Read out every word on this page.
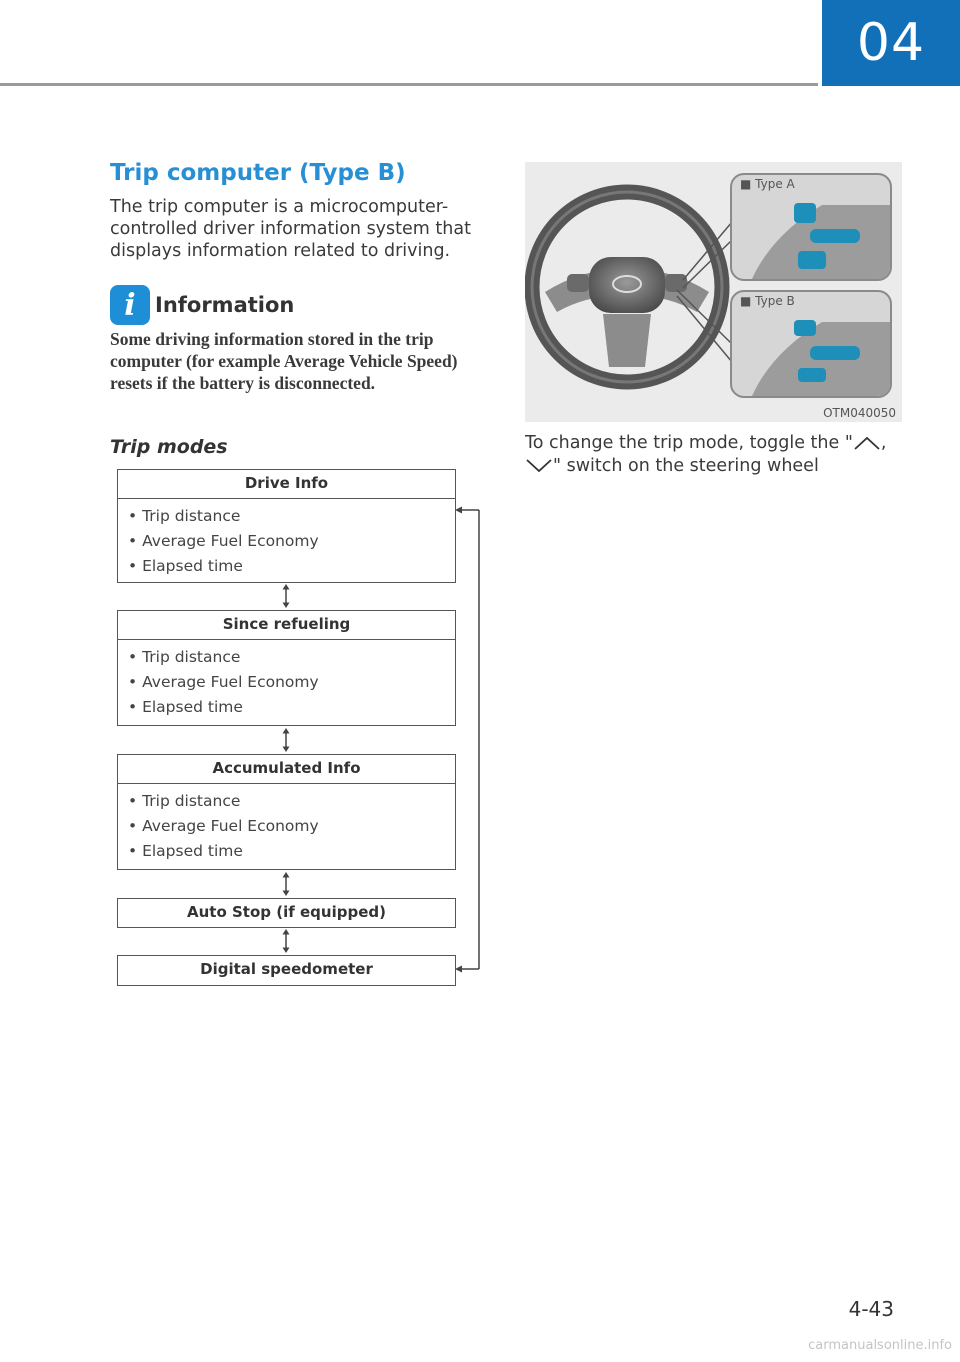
04
Trip computer (Type B)

The trip computer is a microcomputer-controlled driver information system that displays information related to driving.

i Information

Some driving information stored in the trip computer (for example Average Vehicle Speed) resets if the battery is disconnected.

Trip modes
Drive Info
• Trip distance
• Average Fuel Economy
• Elapsed time
Since refueling
• Trip distance
• Average Fuel Economy
• Elapsed time
Accumulated Info
• Trip distance
• Average Fuel Economy
• Elapsed time
Auto Stop (if equipped)
Digital speedometer
■ Type A
■ Type B
OTM040050

To change the trip mode, toggle the " , " switch on the steering wheel

4-43
carmanualsonline.info
